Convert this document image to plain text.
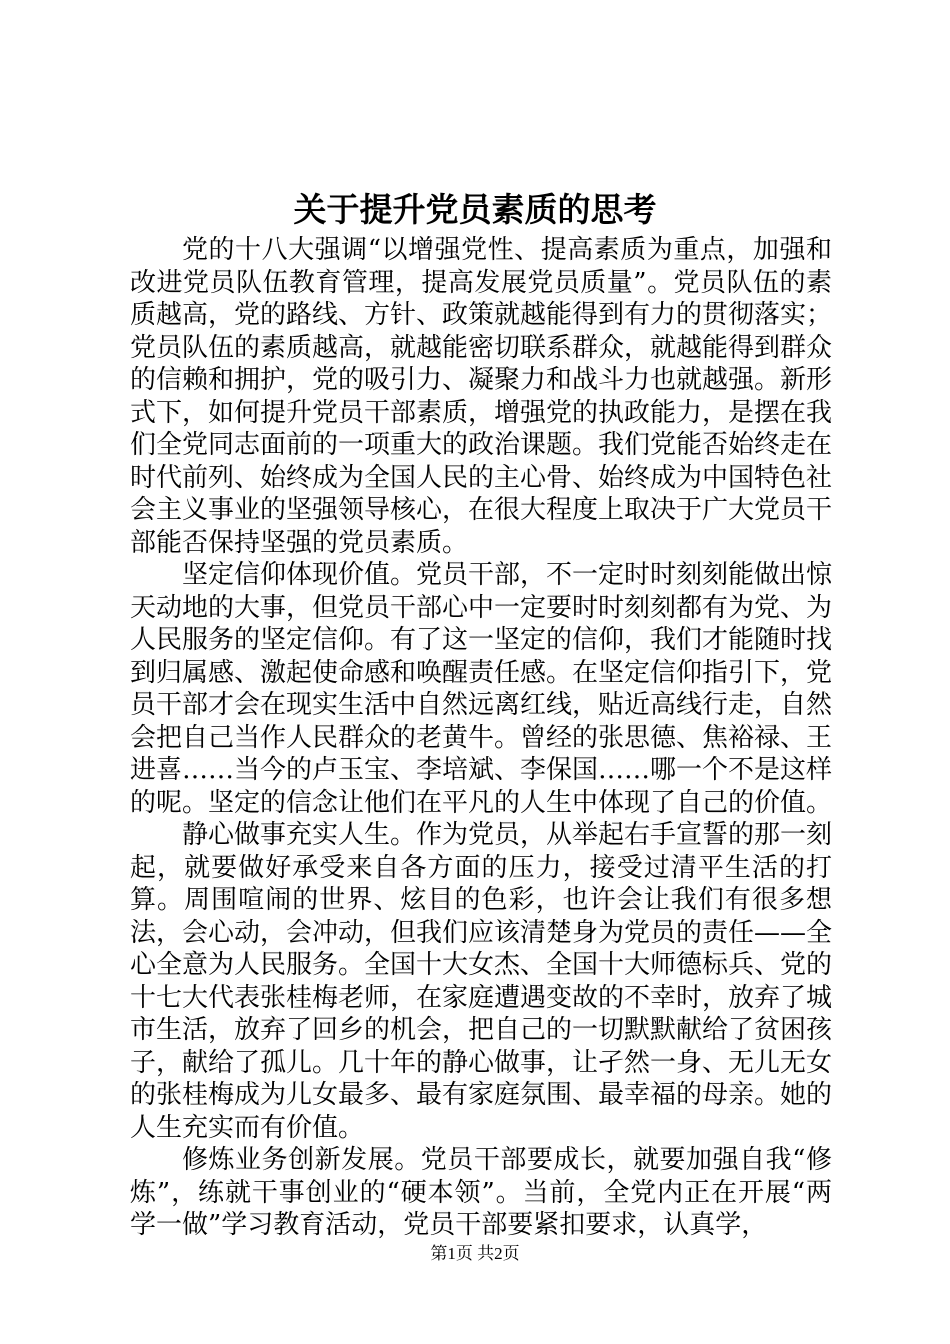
关于提升党员素质的思考

党的十八大强调“以增强党性、提高素质为重点，加强和改进党员队伍教育管理，提高发展党员质量”。党员队伍的素质越高，党的路线、方针、政策就越能得到有力的贯彻落实；党员队伍的素质越高，就越能密切联系群众，就越能得到群众的信赖和拥护，党的吸引力、凝聚力和战斗力也就越强。新形式下，如何提升党员干部素质，增强党的执政能力，是摆在我们全党同志面前的一项重大的政治课题。我们党能否始终走在时代前列、始终成为全国人民的主心骨、始终成为中国特色社会主义事业的坚强领导核心，在很大程度上取决于广大党员干部能否保持坚强的党员素质。

坚定信仰体现价值。党员干部，不一定时时刻刻能做出惊天动地的大事，但党员干部心中一定要时时刻刻都有为党、为人民服务的坚定信仰。有了这一坚定的信仰，我们才能随时找到归属感、激起使命感和唤醒责任感。在坚定信仰指引下，党员干部才会在现实生活中自然远离红线，贴近高线行走，自然会把自己当作人民群众的老黄牛。曾经的张思德、焦裕禄、王进喜……当今的卢玉宝、李培斌、李保国……哪一个不是这样的呢。坚定的信念让他们在平凡的人生中体现了自己的价值。

静心做事充实人生。作为党员，从举起右手宣誓的那一刻起，就要做好承受来自各方面的压力，接受过清平生活的打算。周围喧闹的世界、炫目的色彩，也许会让我们有很多想法，会心动，会冲动，但我们应该清楚身为党员的责任——全心全意为人民服务。全国十大女杰、全国十大师德标兵、党的十七大代表张桂梅老师，在家庭遭遇变故的不幸时，放弃了城市生活，放弃了回乡的机会，把自己的一切默默献给了贫困孩子，献给了孤儿。几十年的静心做事，让孑然一身、无儿无女的张桂梅成为儿女最多、最有家庭氛围、最幸福的母亲。她的人生充实而有价值。

修炼业务创新发展。党员干部要成长，就要加强自我“修炼”，练就干事创业的“硬本领”。当前，全党内正在开展“两学一做”学习教育活动，党员干部要紧扣要求，认真学，

第1页 共2页
